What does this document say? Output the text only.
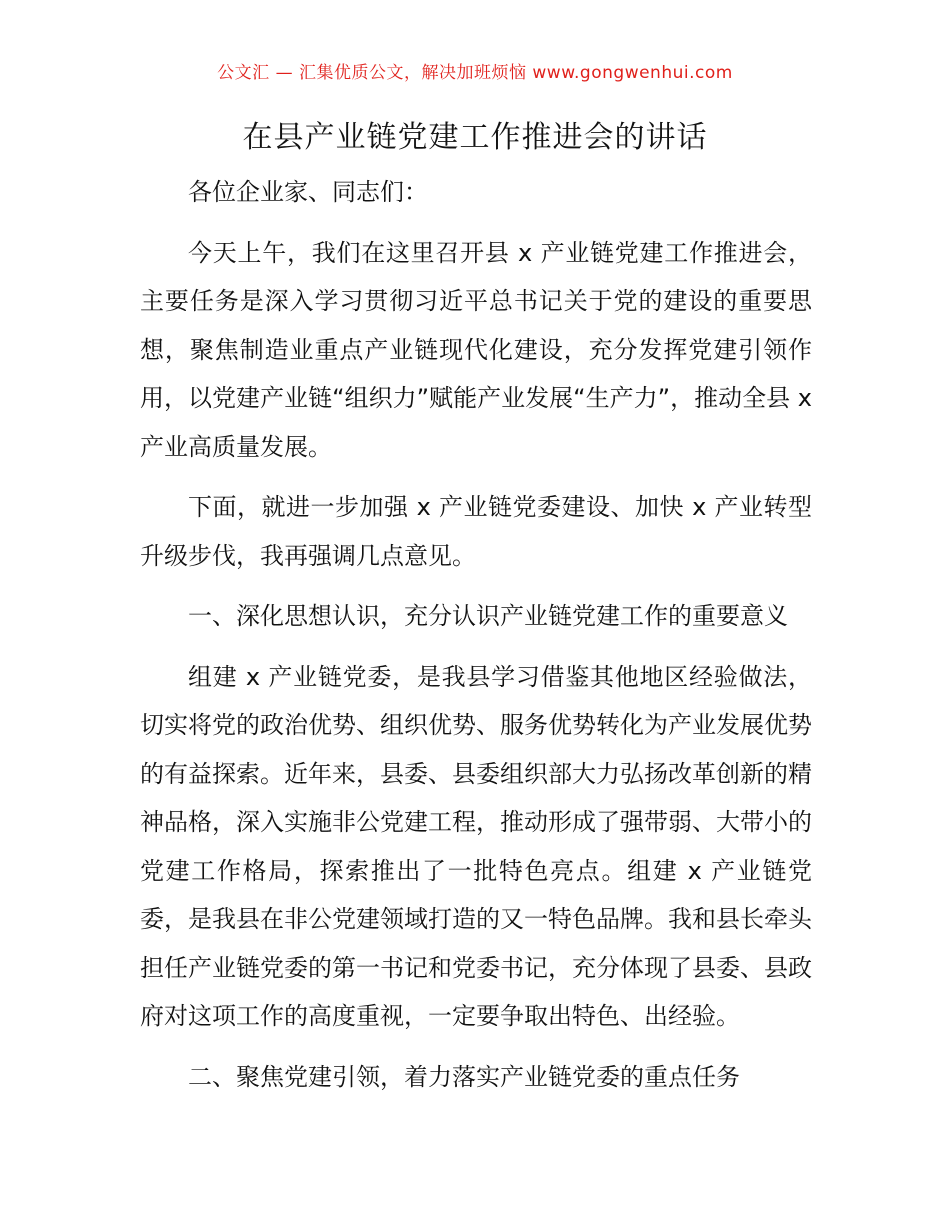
公文汇 — 汇集优质公文，解决加班烦恼 www.gongwenhui.com
在县产业链党建工作推进会的讲话

各位企业家、同志们：

今天上午，我们在这里召开县 x 产业链党建工作推进会，主要任务是深入学习贯彻习近平总书记关于党的建设的重要思想，聚焦制造业重点产业链现代化建设，充分发挥党建引领作用，以党建产业链“组织力”赋能产业发展“生产力”，推动全县 x 产业高质量发展。

下面，就进一步加强 x 产业链党委建设、加快 x 产业转型升级步伐，我再强调几点意见。

一、深化思想认识，充分认识产业链党建工作的重要意义

组建 x 产业链党委，是我县学习借鉴其他地区经验做法，切实将党的政治优势、组织优势、服务优势转化为产业发展优势的有益探索。近年来，县委、县委组织部大力弘扬改革创新的精神品格，深入实施非公党建工程，推动形成了强带弱、大带小的党建工作格局，探索推出了一批特色亮点。组建 x 产业链党委，是我县在非公党建领域打造的又一特色品牌。我和县长牵头担任产业链党委的第一书记和党委书记，充分体现了县委、县政府对这项工作的高度重视，一定要争取出特色、出经验。

二、聚焦党建引领，着力落实产业链党委的重点任务
